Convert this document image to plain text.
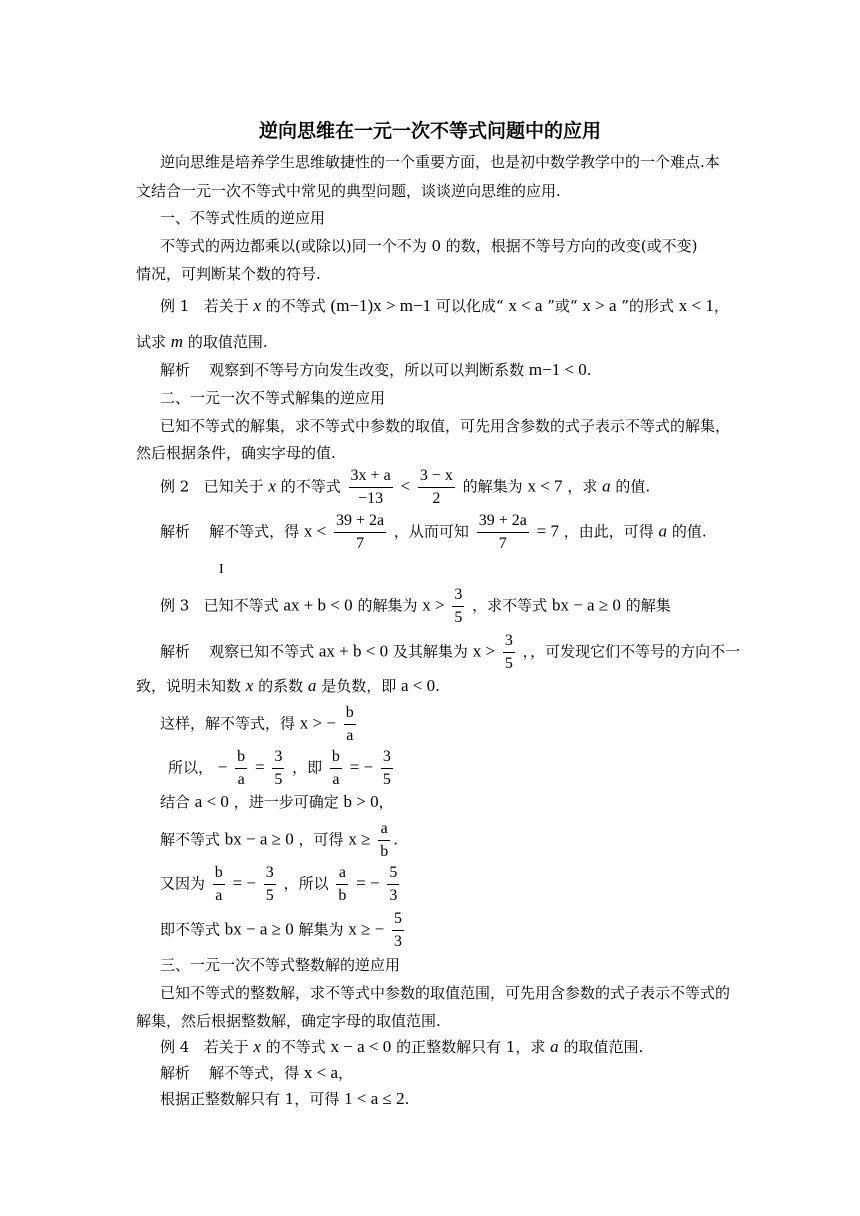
逆向思维在一元一次不等式问题中的应用
逆向思维是培养学生思维敏捷性的一个重要方面，也是初中数学教学中的一个难点.本
文结合一元一次不等式中常见的典型问题，谈谈逆向思维的应用.
一、不等式性质的逆应用
不等式的两边都乘以(或除以)同一个不为 0 的数，根据不等号方向的改变(或不变)
情况，可判断某个数的符号.
例 1 若关于 x 的不等式 (m−1)x > m−1 可以化成“ x < a ”或“ x > a ”的形式 x < 1，
试求 m 的取值范围.
解析 观察到不等号方向发生改变，所以可以判断系数 m−1 < 0.
二、一元一次不等式解集的逆应用
已知不等式的解集，求不等式中参数的取值，可先用含参数的式子表示不等式的解集，
然后根据条件，确实字母的值.
例 2 已知关于 x 的不等式 $\frac{3x + a}{-13} < \frac{3 - x}{2}$ 的解集为 x < 7 ，求 a 的值.
解析 解不等式，得 $x < \frac{39 + 2a}{7}$ ，从而可知 $\frac{39 + 2a}{7} = 7$ ，由此，可得 a 的值.
I
例 3 已知不等式 ax + b < 0 的解集为 $x > \frac{3}{5}$ ，求不等式 bx − a ≥ 0 的解集
解析 观察已知不等式 ax + b < 0 及其解集为 $x > \frac{3}{5}$ ，，可发现它们不等号的方向不一
致，说明未知数 x 的系数 a 是负数，即 a < 0.
这样，解不等式，得 x > − $\frac{b}{a}$
所以， − $\frac{b}{a} = \frac{3}{5}$ ，即 $\frac{b}{a}$ = − $\frac{3}{5}$
结合 a < 0 ，进一步可确定 b > 0，
解不等式 bx − a ≥ 0 ，可得 $x \ge \frac{a}{b}$ .
又因为 $\frac{b}{a}$ = − $\frac{3}{5}$ ，所以 $\frac{a}{b}$ = − $\frac{5}{3}$
即不等式 bx − a ≥ 0 解集为 x ≥ − $\frac{5}{3}$
三、一元一次不等式整数解的逆应用
已知不等式的整数解，求不等式中参数的取值范围，可先用含参数的式子表示不等式的
解集，然后根据整数解，确定字母的取值范围.
例 4 若关于 x 的不等式 x − a < 0 的正整数解只有 1，求 a 的取值范围.
解析 解不等式，得 x < a，
根据正整数解只有 1，可得 1 < a ≤ 2.
